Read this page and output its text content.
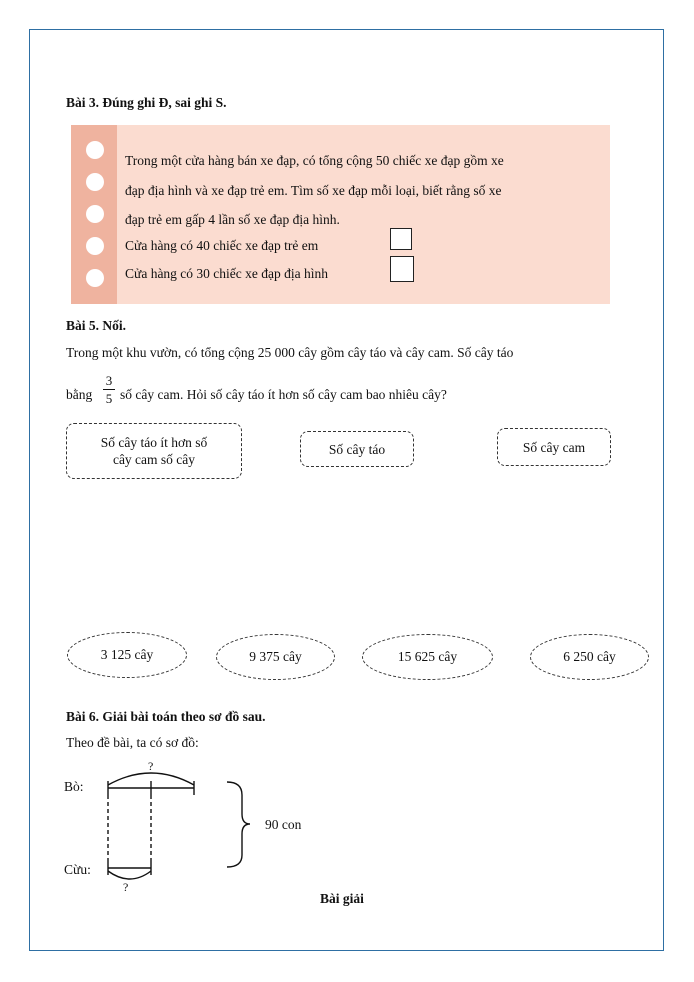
Bài 3. Đúng ghi Đ, sai ghi S.
Trong một cửa hàng bán xe đạp, có tổng cộng 50 chiếc xe đạp gồm xe
đạp địa hình và xe đạp trẻ em. Tìm số xe đạp mỗi loại, biết rằng số xe
đạp trẻ em gấp 4 lần số xe đạp địa hình.
Cửa hàng có 40 chiếc xe đạp trẻ em
Cửa hàng có 30 chiếc xe đạp địa hình
Bài 5. Nối.
Trong một khu vườn, có tổng cộng 25 000 cây gồm cây táo và cây cam. Số cây táo
bằng
3
5 số cây cam. Hỏi số cây táo ít hơn số cây cam bao nhiêu cây?
Số cây táo ít hơn số
cây cam số cây
Số cây táo	Số cây cam
3 125 cây	9 375 cây	15 625 cây	6 250 cây
Bài 6. Giải bài toán theo sơ đồ sau.
Theo đề bài, ta có sơ đồ:
Bò:
Cừu:
?
?
90 con
Bài giải
